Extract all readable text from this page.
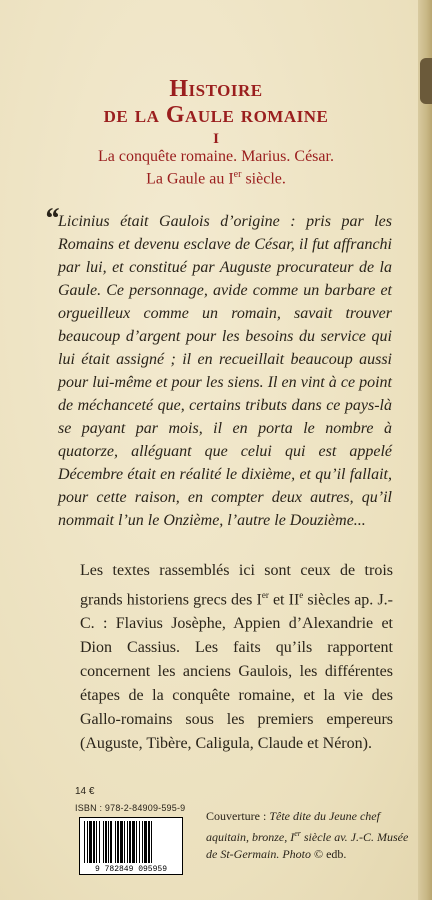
Histoire
de la Gaule romaine
I
La conquête romaine. Marius. César.
La Gaule au Ier siècle.
“ Licinius était Gaulois d’origine : pris par les Romains et devenu esclave de César, il fut affranchi par lui, et constitué par Auguste procurateur de la Gaule. Ce personnage, avide comme un barbare et orgueilleux comme un romain, savait trouver beaucoup d’argent pour les besoins du service qui lui était assigné ; il en recueillait beaucoup aussi pour lui-même et pour les siens. Il en vint à ce point de méchanceté que, certains tributs dans ce pays-là se payant par mois, il en porta le nombre à quatorze, alléguant que celui qui est appelé Décembre était en réalité le dixième, et qu’il fallait, pour cette raison, en compter deux autres, qu’il nommait l’un le Onzième, l’autre le Douzième...
Les textes rassemblés ici sont ceux de trois grands historiens grecs des Ier et IIe siècles ap. J.-C. : Flavius Josèphe, Appien d’Alexandrie et Dion Cassius. Les faits qu’ils rapportent concernent les anciens Gaulois, les différentes étapes de la conquête romaine, et la vie des Gallo-romains sous les premiers empereurs (Auguste, Tibère, Caligula, Claude et Néron).
14 €
ISBN : 978-2-84909-595-9
9 782849 095959
Couverture : Tête dite du Jeune chef aquitain, bronze, Ier siècle av. J.-C. Musée de St-Germain. Photo © edb.
